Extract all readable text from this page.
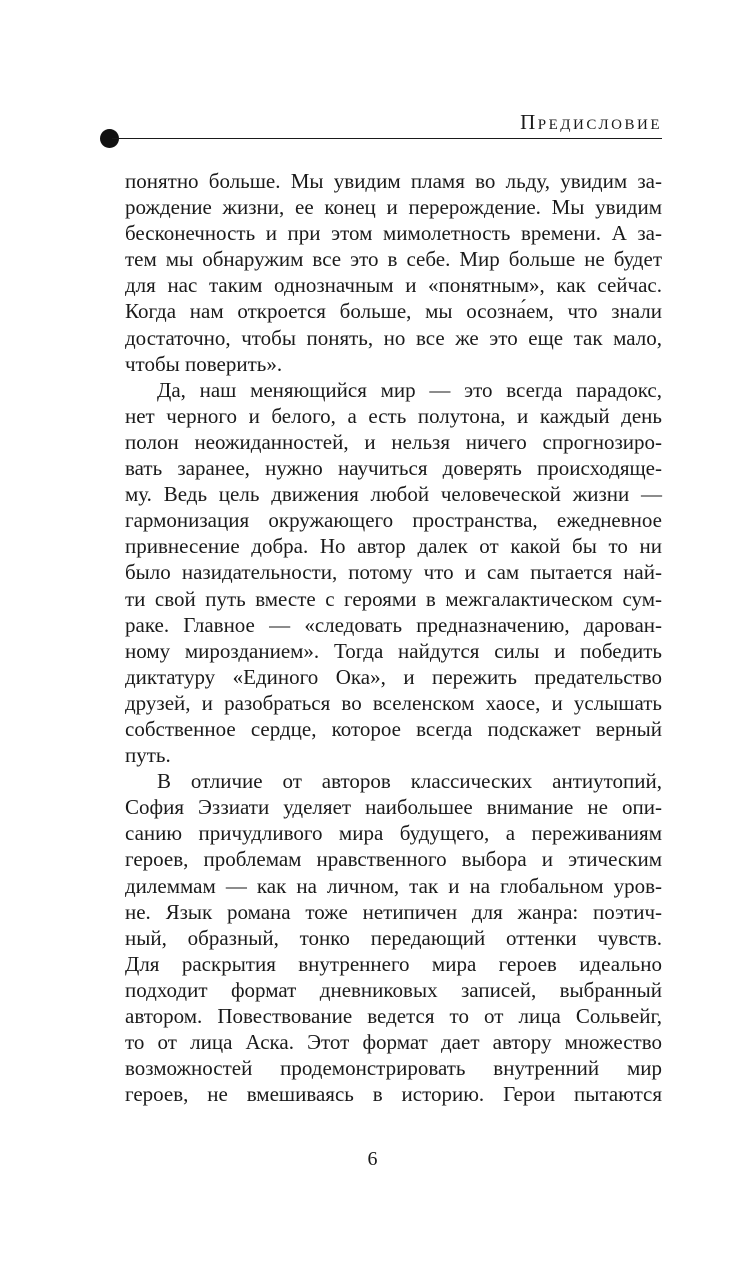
Предисловие
понятно больше. Мы увидим пламя во льду, увидим за-
рождение жизни, ее конец и перерождение. Мы увидим
бесконечность и при этом мимолетность времени. А за-
тем мы обнаружим все это в себе. Мир больше не будет
для нас таким однозначным и «понятным», как сейчас.
Когда нам откроется больше, мы осозна́ем, что знали
достаточно, чтобы понять, но все же это еще так мало,
чтобы поверить».
Да, наш меняющийся мир — это всегда парадокс,
нет черного и белого, а есть полутона, и каждый день
полон неожиданностей, и нельзя ничего спрогнозиро-
вать заранее, нужно научиться доверять происходяще-
му. Ведь цель движения любой человеческой жизни —
гармонизация окружающего пространства, ежедневное
привнесение добра. Но автор далек от какой бы то ни
было назидательности, потому что и сам пытается най-
ти свой путь вместе с героями в межгалактическом сум-
раке. Главное — «следовать предназначению, дарован-
ному мирозданием». Тогда найдутся силы и победить
диктатуру «Единого Ока», и пережить предательство
друзей, и разобраться во вселенском хаосе, и услышать
собственное сердце, которое всегда подскажет верный
путь.
В отличие от авторов классических антиутопий,
София Эззиати уделяет наибольшее внимание не опи-
санию причудливого мира будущего, а переживаниям
героев, проблемам нравственного выбора и этическим
дилеммам — как на личном, так и на глобальном уров-
не. Язык романа тоже нетипичен для жанра: поэтич-
ный, образный, тонко передающий оттенки чувств.
Для раскрытия внутреннего мира героев идеально
подходит формат дневниковых записей, выбранный
автором. Повествование ведется то от лица Сольвейг,
то от лица Аска. Этот формат дает автору множество
возможностей продемонстрировать внутренний мир
героев, не вмешиваясь в историю. Герои пытаются
6
